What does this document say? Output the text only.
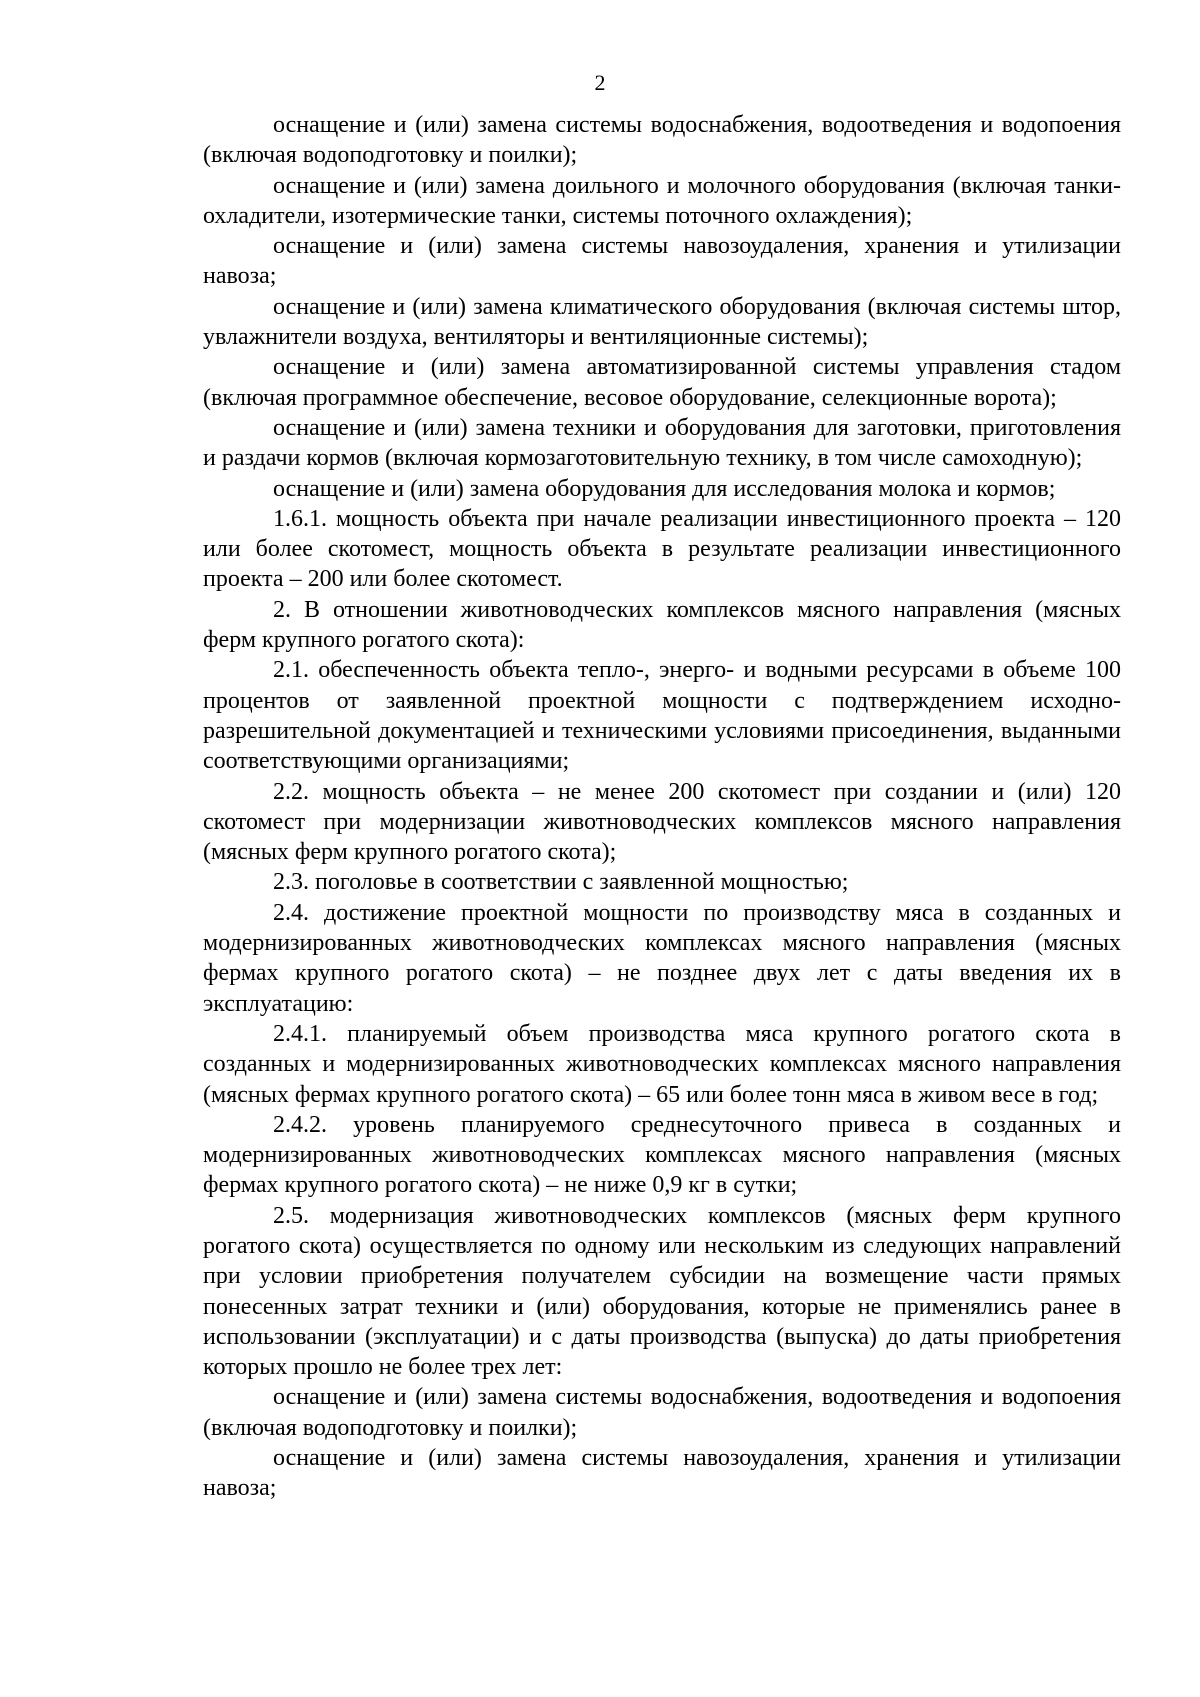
2

оснащение и (или) замена системы водоснабжения, водоотведения и водопоения (включая водоподготовку и поилки);

оснащение и (или) замена доильного и молочного оборудования (включая танки-охладители, изотермические танки, системы поточного охлаждения);

оснащение и (или) замена системы навозоудаления, хранения и утилизации навоза;

оснащение и (или) замена климатического оборудования (включая системы штор, увлажнители воздуха, вентиляторы и вентиляционные системы);

оснащение и (или) замена автоматизированной системы управления стадом (включая программное обеспечение, весовое оборудование, селекционные ворота);

оснащение и (или) замена техники и оборудования для заготовки, приготовления и раздачи кормов (включая кормозаготовительную технику, в том числе самоходную);

оснащение и (или) замена оборудования для исследования молока и кормов;

1.6.1. мощность объекта при начале реализации инвестиционного проекта – 120 или более скотомест, мощность объекта в результате реализации инвестиционного проекта – 200 или более скотомест.

2. В отношении животноводческих комплексов мясного направления (мясных ферм крупного рогатого скота):

2.1. обеспеченность объекта тепло-, энерго- и водными ресурсами в объеме 100 процентов от заявленной проектной мощности с подтверждением исходно-разрешительной документацией и техническими условиями присоединения, выданными соответствующими организациями;

2.2. мощность объекта – не менее 200 скотомест при создании и (или) 120 скотомест при модернизации животноводческих комплексов мясного направления (мясных ферм крупного рогатого скота);

2.3. поголовье в соответствии с заявленной мощностью;

2.4. достижение проектной мощности по производству мяса в созданных и модернизированных животноводческих комплексах мясного направления (мясных фермах крупного рогатого скота) – не позднее двух лет с даты введения их в эксплуатацию:

2.4.1. планируемый объем производства мяса крупного рогатого скота в созданных и модернизированных животноводческих комплексах мясного направления (мясных фермах крупного рогатого скота) – 65 или более тонн мяса в живом весе в год;

2.4.2. уровень планируемого среднесуточного привеса в созданных и модернизированных животноводческих комплексах мясного направления (мясных фермах крупного рогатого скота) – не ниже 0,9 кг в сутки;

2.5. модернизация животноводческих комплексов (мясных ферм крупного рогатого скота) осуществляется по одному или нескольким из следующих направлений при условии приобретения получателем субсидии на возмещение части прямых понесенных затрат техники и (или) оборудования, которые не применялись ранее в использовании (эксплуатации) и с даты производства (выпуска) до даты приобретения которых прошло не более трех лет:

оснащение и (или) замена системы водоснабжения, водоотведения и водопоения (включая водоподготовку и поилки);

оснащение и (или) замена системы навозоудаления, хранения и утилизации навоза;
